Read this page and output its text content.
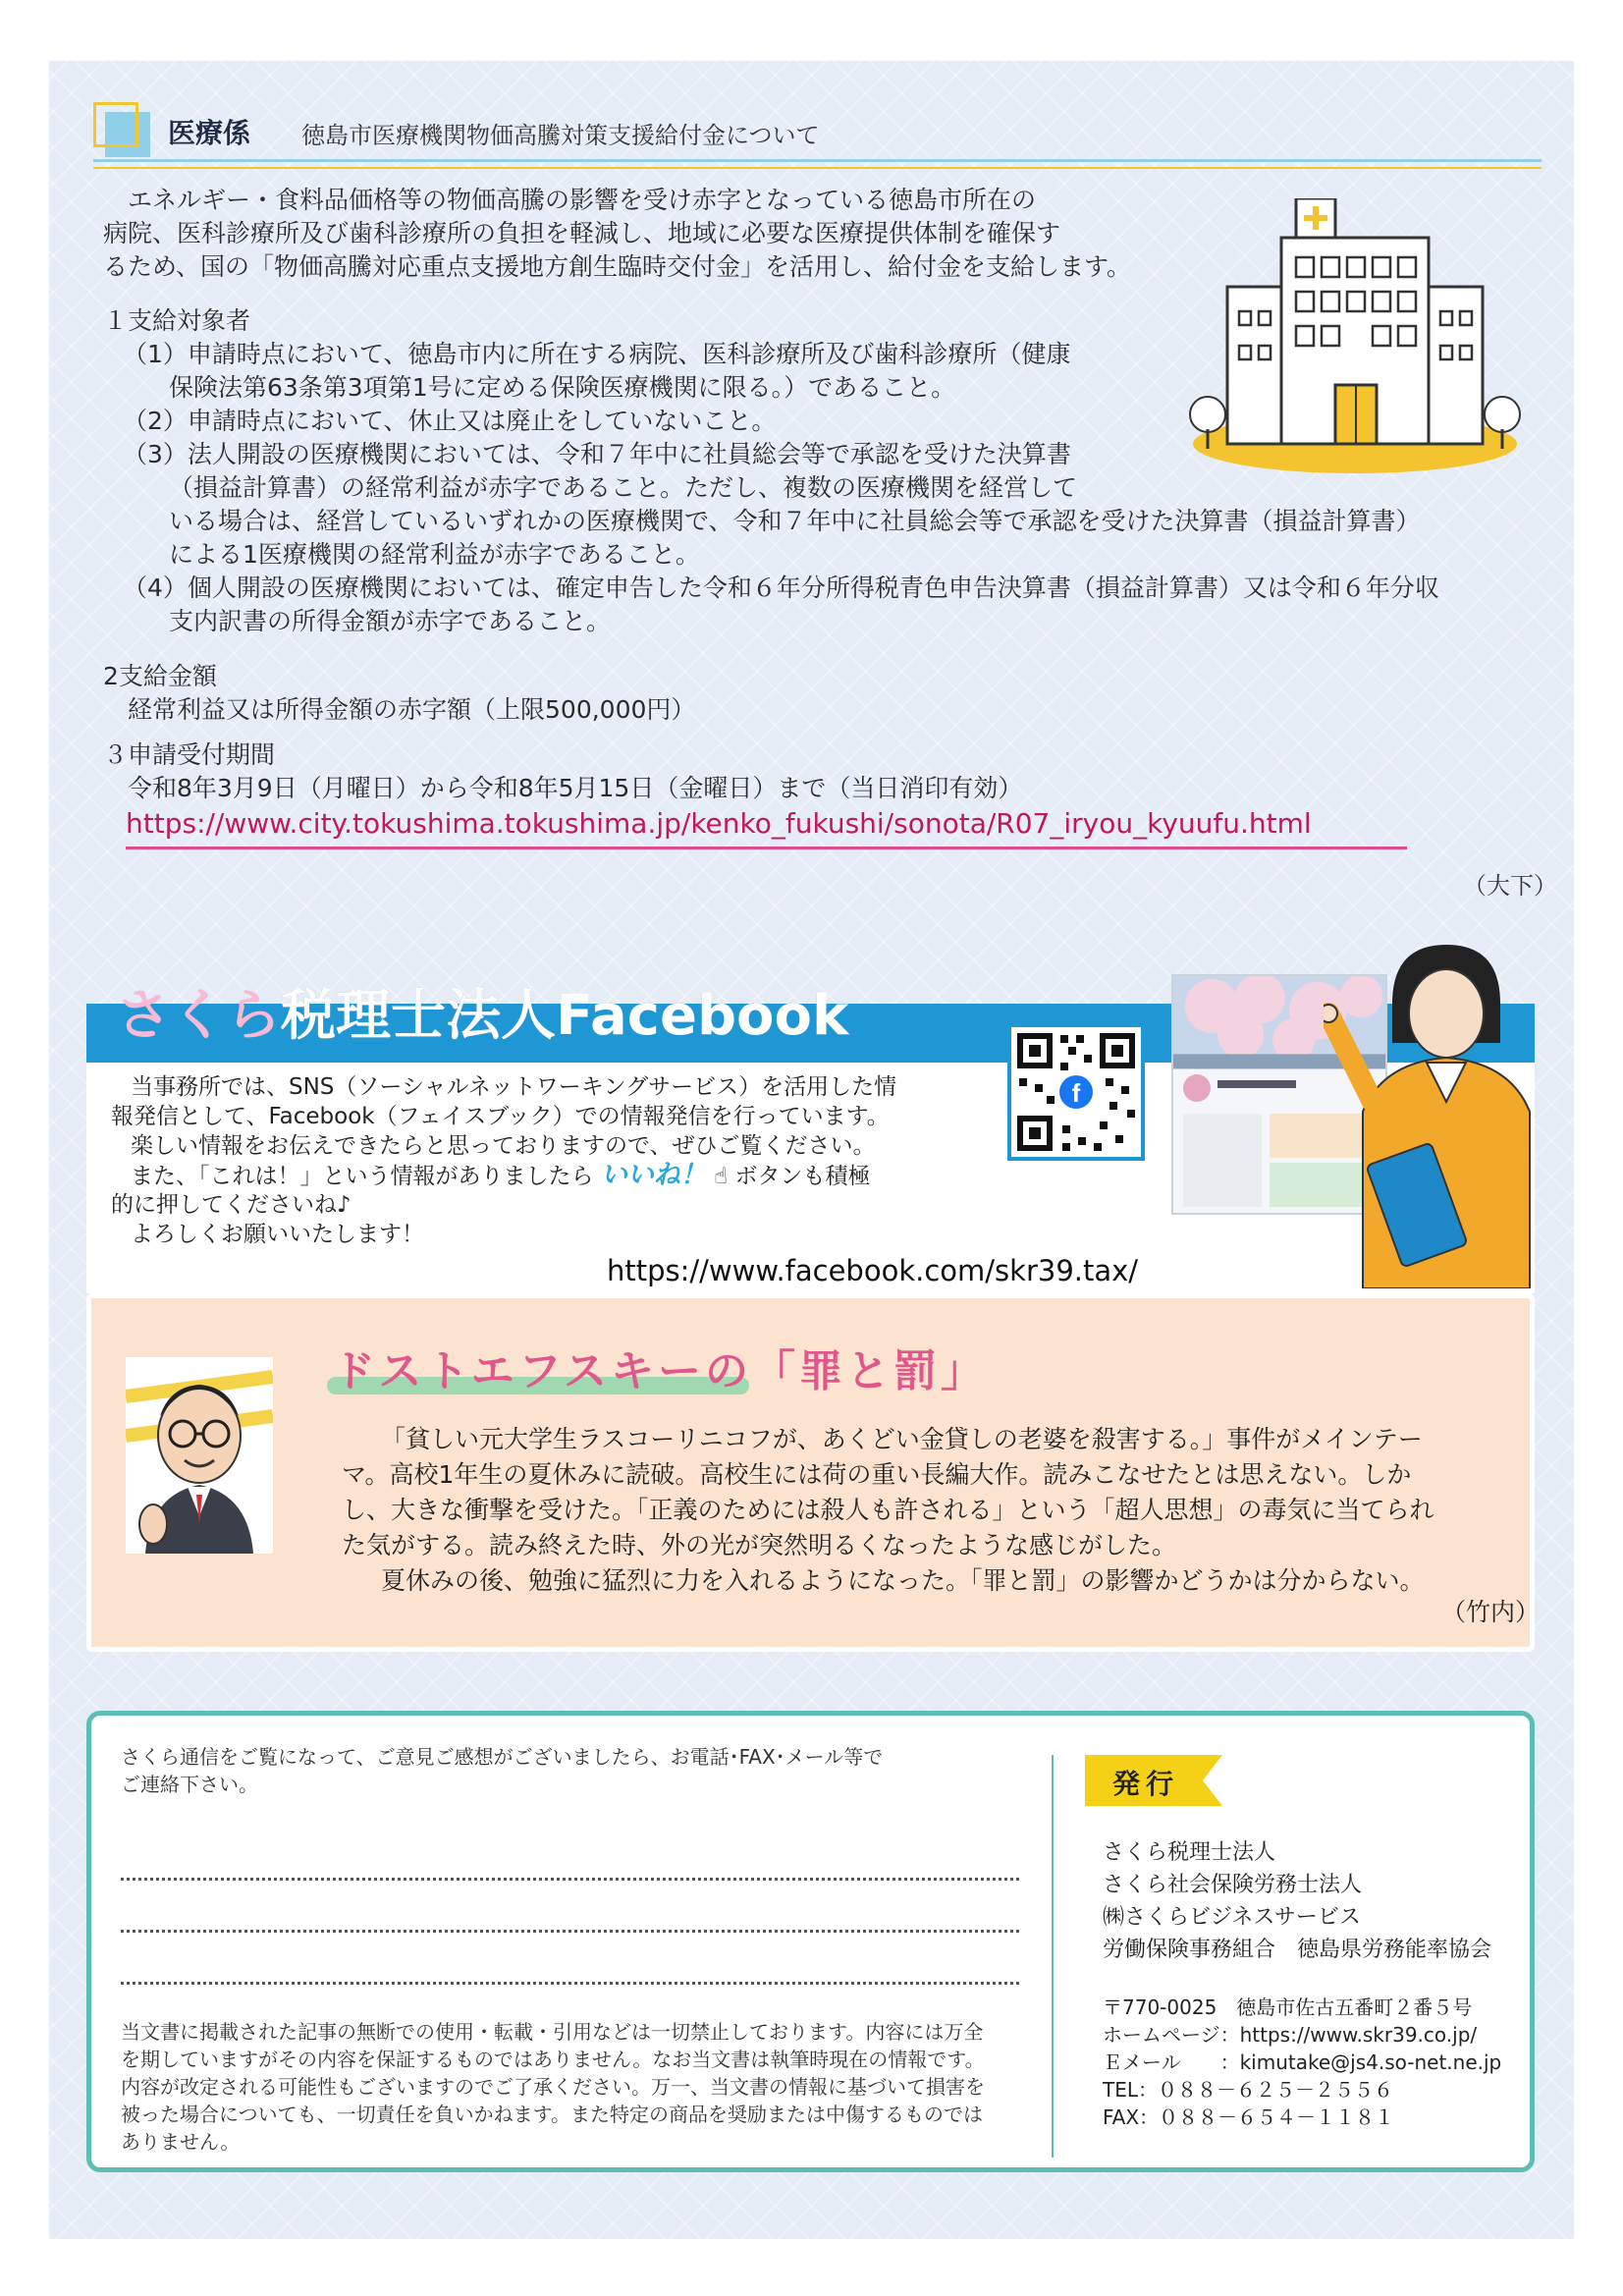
医療係 徳島市医療機関物価高騰対策支援給付金について
エネルギー・食料品価格等の物価高騰の影響を受け赤字となっている徳島市所在の
病院、医科診療所及び歯科診療所の負担を軽減し、地域に必要な医療提供体制を確保す
るため、国の「物価高騰対応重点支援地方創生臨時交付金」を活用し、給付金を支給します。
１支給対象者
（1）申請時点において、徳島市内に所在する病院、医科診療所及び歯科診療所（健康
保険法第63条第3項第1号に定める保険医療機関に限る。）であること。
（2）申請時点において、休止又は廃止をしていないこと。
（3）法人開設の医療機関においては、令和７年中に社員総会等で承認を受けた決算書
（損益計算書）の経常利益が赤字であること。ただし、複数の医療機関を経営して
いる場合は、経営しているいずれかの医療機関で、令和７年中に社員総会等で承認を受けた決算書（損益計算書）
による1医療機関の経常利益が赤字であること。
（4）個人開設の医療機関においては、確定申告した令和６年分所得税青色申告決算書（損益計算書）又は令和６年分収
支内訳書の所得金額が赤字であること。
2支給金額
経常利益又は所得金額の赤字額（上限500,000円）
３申請受付期間
令和8年3月9日（月曜日）から令和8年5月15日（金曜日）まで（当日消印有効）
https://www.city.tokushima.tokushima.jp/kenko_fukushi/sonota/R07_iryou_kyuufu.html
（大下）
さくら税理士法人Facebook
当事務所では、SNS（ソーシャルネットワーキングサービス）を活用した情
報発信として、Facebook（フェイスブック）での情報発信を行っています。
楽しい情報をお伝えできたらと思っておりますので、ぜひご覧ください。
また、「これは！」という情報がありましたら いいね！ ☝ ボタンも積極
的に押してくださいね♪
よろしくお願いいたします！
https://www.facebook.com/skr39.tax/
f
ドストエフスキーの「罪と罰」
「貧しい元大学生ラスコーリニコフが、あくどい金貸しの老婆を殺害する。」事件がメインテー
マ。高校1年生の夏休みに読破。高校生には荷の重い長編大作。読みこなせたとは思えない。しか
し、大きな衝撃を受けた。「正義のためには殺人も許される」という「超人思想」の毒気に当てられ
た気がする。読み終えた時、外の光が突然明るくなったような感じがした。
夏休みの後、勉強に猛烈に力を入れるようになった。「罪と罰」の影響かどうかは分からない。
（竹内）
さくら通信をご覧になって、ご意見ご感想がございましたら、お電話･FAX･メール等で
ご連絡下さい。
当文書に掲載された記事の無断での使用・転載・引用などは一切禁止しております。内容には万全
を期していますがその内容を保証するものではありません。なお当文書は執筆時現在の情報です。
内容が改定される可能性もございますのでご了承ください。万一、当文書の情報に基づいて損害を
被った場合についても、一切責任を負いかねます。また特定の商品を奨励または中傷するものでは
ありません。
発行
さくら税理士法人
さくら社会保険労務士法人
㈱さくらビジネスサービス
労働保険事務組合　徳島県労務能率協会
〒770-0025　徳島市佐古五番町２番５号
ホームページ：https://www.skr39.co.jp/
Ｅメール　　：kimutake@js4.so-net.ne.jp
TEL：０８８－６２５－２５５６
FAX：０８８－６５４－１１８１
